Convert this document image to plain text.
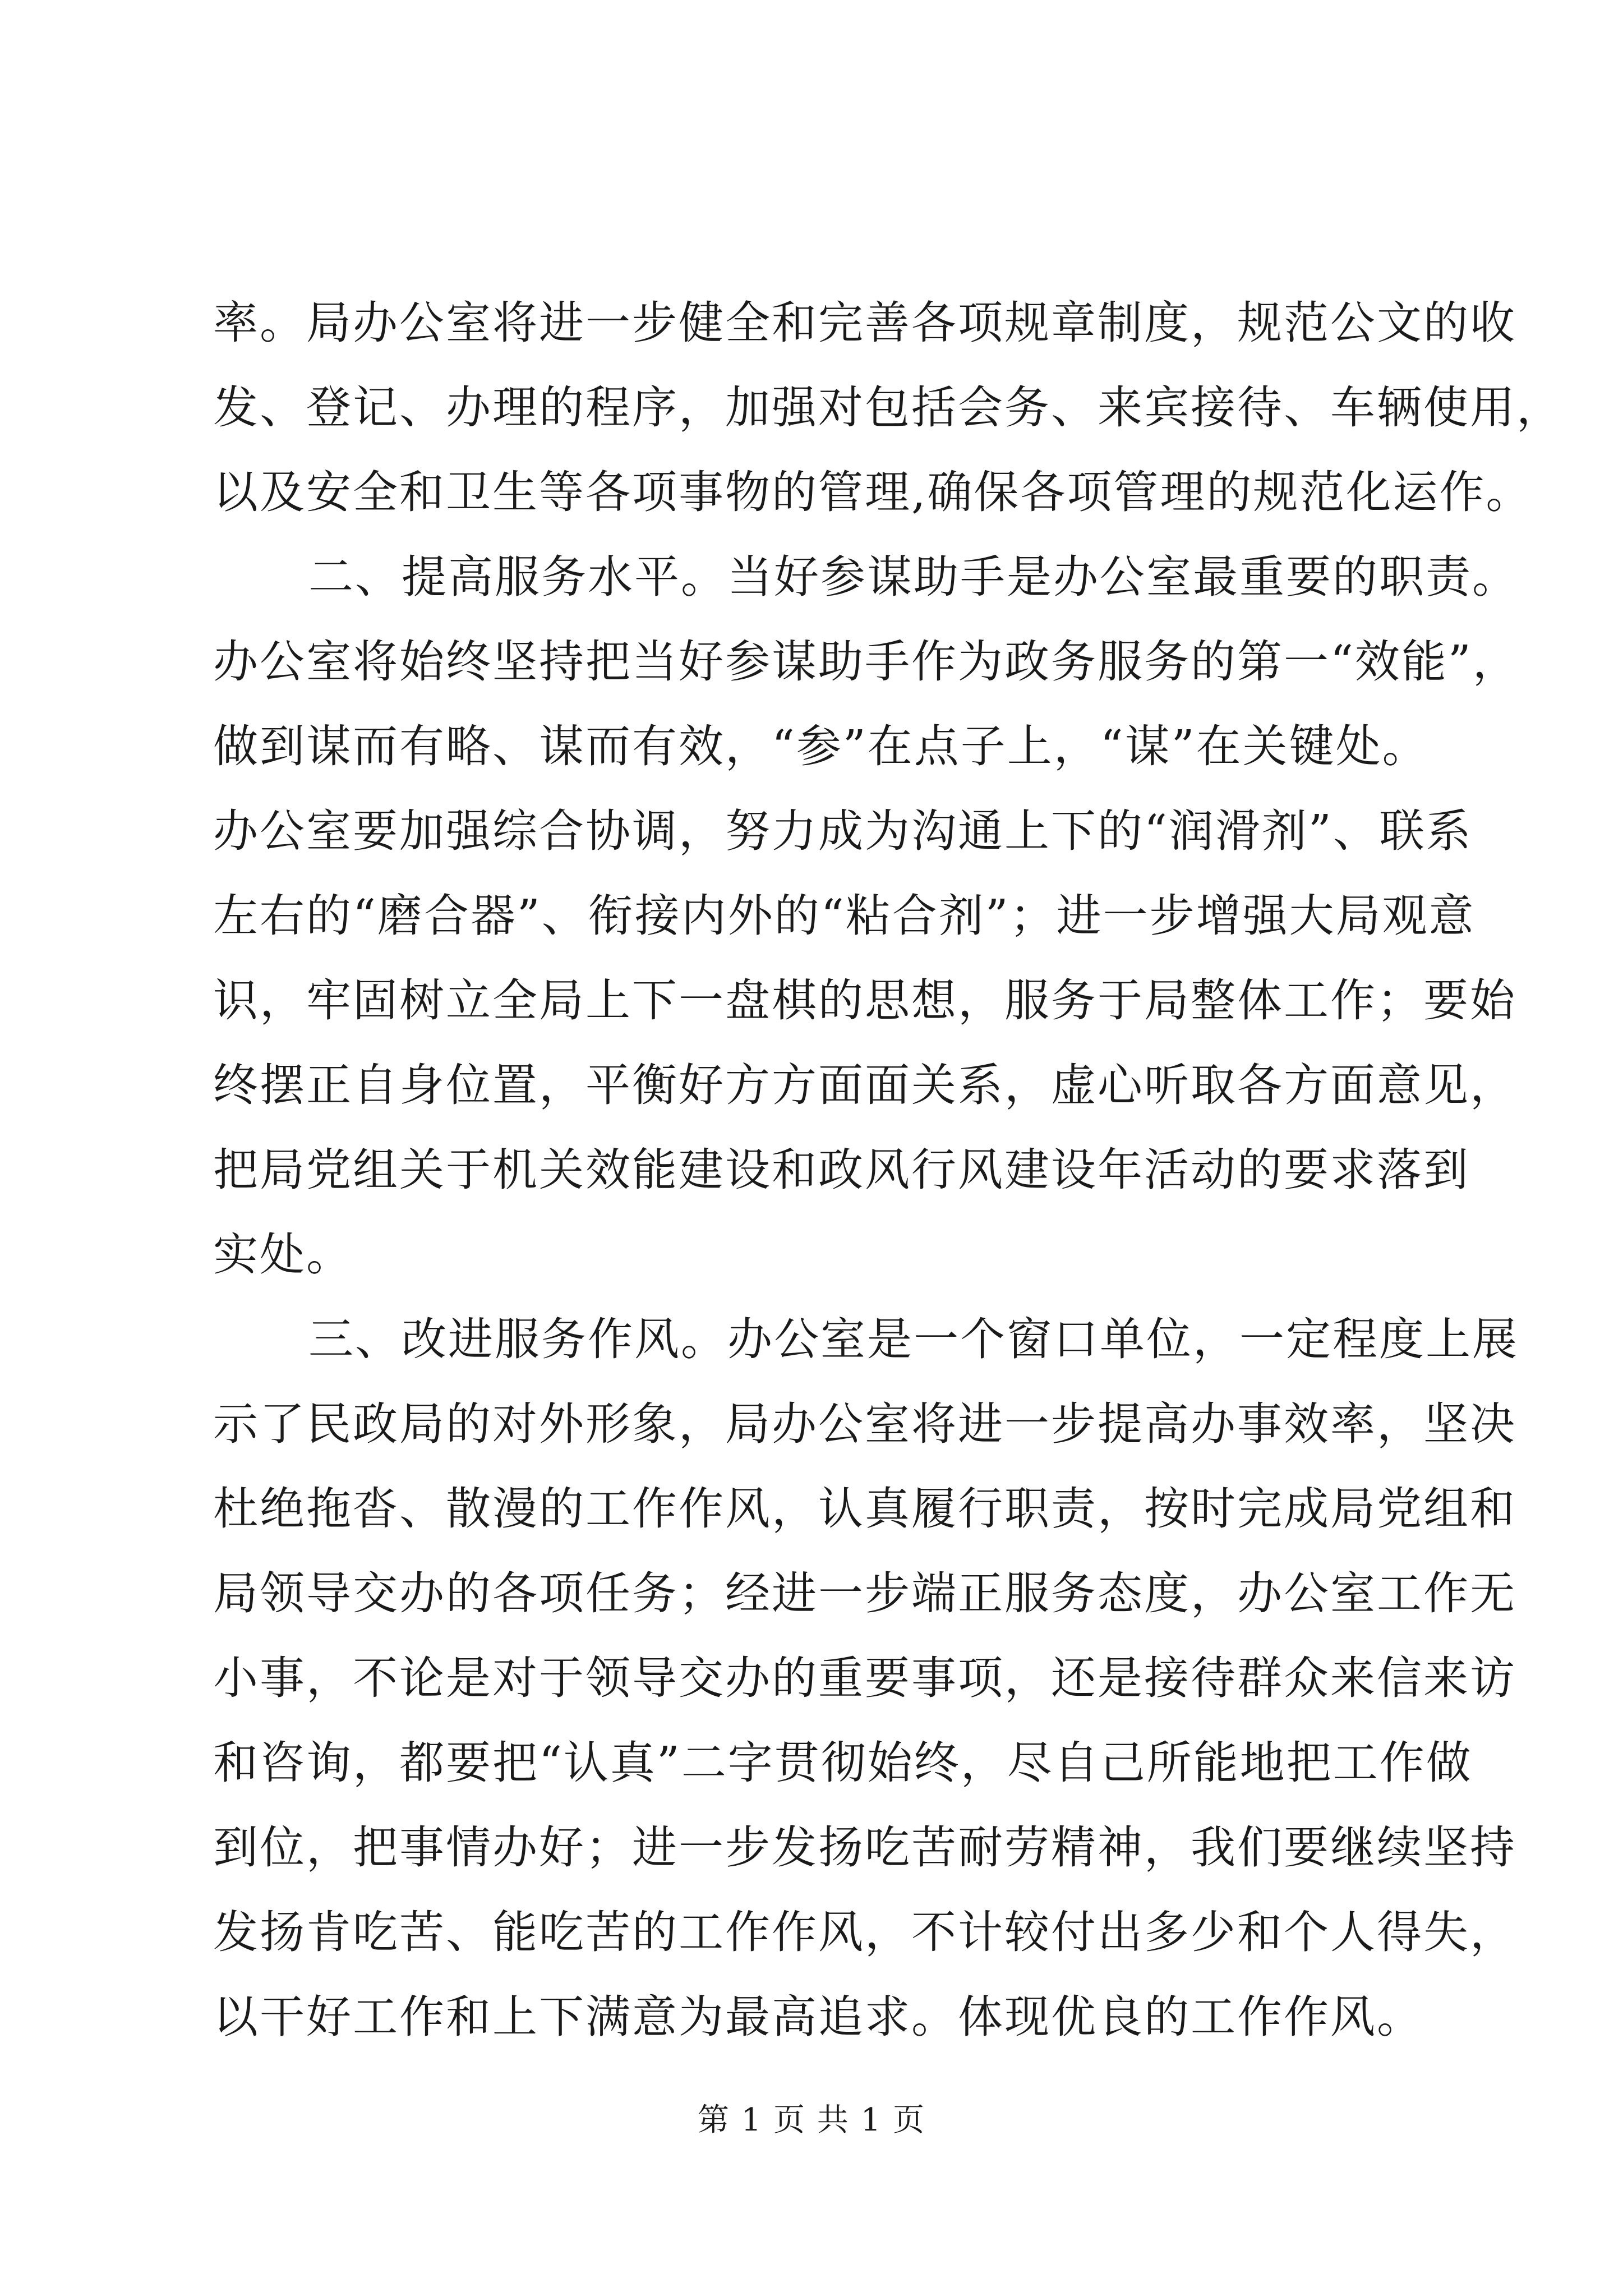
率。局办公室将进一步健全和完善各项规章制度，规范公文的收
发、登记、办理的程序，加强对包括会务、来宾接待、车辆使用，
以及安全和卫生等各项事物的管理,确保各项管理的规范化运作。
二、提高服务水平。当好参谋助手是办公室最重要的职责。
办公室将始终坚持把当好参谋助手作为政务服务的第一“效能”，
做到谋而有略、谋而有效，“参”在点子上，“谋”在关键处。
办公室要加强综合协调，努力成为沟通上下的“润滑剂”、联系
左右的“磨合器”、衔接内外的“粘合剂”；进一步增强大局观意
识，牢固树立全局上下一盘棋的思想，服务于局整体工作；要始
终摆正自身位置，平衡好方方面面关系，虚心听取各方面意见，
把局党组关于机关效能建设和政风行风建设年活动的要求落到
实处。
三、改进服务作风。办公室是一个窗口单位，一定程度上展
示了民政局的对外形象，局办公室将进一步提高办事效率，坚决
杜绝拖沓、散漫的工作作风，认真履行职责，按时完成局党组和
局领导交办的各项任务；经进一步端正服务态度，办公室工作无
小事，不论是对于领导交办的重要事项，还是接待群众来信来访
和咨询，都要把“认真”二字贯彻始终，尽自己所能地把工作做
到位，把事情办好；进一步发扬吃苦耐劳精神，我们要继续坚持
发扬肯吃苦、能吃苦的工作作风，不计较付出多少和个人得失，
以干好工作和上下满意为最高追求。体现优良的工作作风。
第 1 页 共 1 页
